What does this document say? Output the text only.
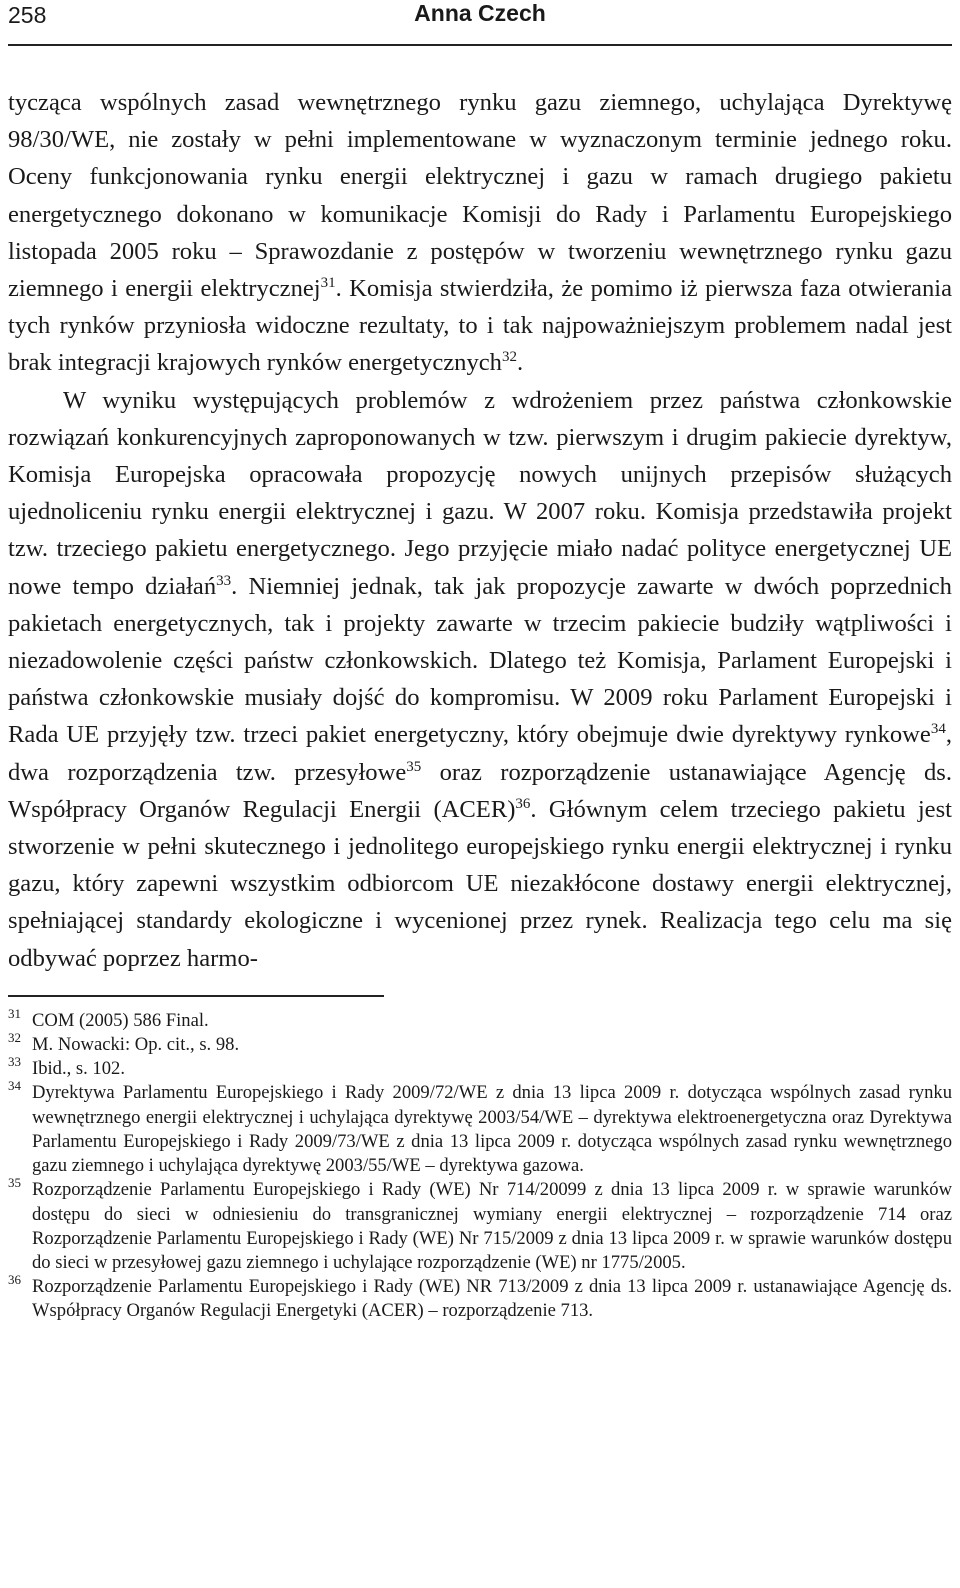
258	Anna Czech

tycząca wspólnych zasad wewnętrznego rynku gazu ziemnego, uchylająca Dyrektywę 98/30/WE, nie zostały w pełni implementowane w wyznaczonym terminie jednego roku. Oceny funkcjonowania rynku energii elektrycznej i gazu w ramach drugiego pakietu energetycznego dokonano w komunikacje Komisji do Rady i Parlamentu Europejskiego listopada 2005 roku – Sprawozdanie z postępów w tworzeniu wewnętrznego rynku gazu ziemnego i energii elektrycznej$^{31}$. Komisja stwierdziła, że pomimo iż pierwsza faza otwierania tych rynków przyniosła widoczne rezultaty, to i tak najpoważniejszym problemem nadal jest brak integracji krajowych rynków energetycznych$^{32}$.

W wyniku występujących problemów z wdrożeniem przez państwa członkowskie rozwiązań konkurencyjnych zaproponowanych w tzw. pierwszym i drugim pakiecie dyrektyw, Komisja Europejska opracowała propozycję nowych unijnych przepisów służących ujednoliceniu rynku energii elektrycznej i gazu. W 2007 roku. Komisja przedstawiła projekt tzw. trzeciego pakietu energetycznego. Jego przyjęcie miało nadać polityce energetycznej UE nowe tempo działań$^{33}$. Niemniej jednak, tak jak propozycje zawarte w dwóch poprzednich pakietach energetycznych, tak i projekty zawarte w trzecim pakiecie budziły wątpliwości i niezadowolenie części państw członkowskich. Dlatego też Komisja, Parlament Europejski i państwa członkowskie musiały dojść do kompromisu. W 2009 roku Parlament Europejski i Rada UE przyjęły tzw. trzeci pakiet energetyczny, który obejmuje dwie dyrektywy rynkowe$^{34}$, dwa rozporządzenia tzw. przesyłowe$^{35}$ oraz rozporządzenie ustanawiające Agencję ds. Współpracy Organów Regulacji Energii (ACER)$^{36}$. Głównym celem trzeciego pakietu jest stworzenie w pełni skutecznego i jednolitego europejskiego rynku energii elektrycznej i rynku gazu, który zapewni wszystkim odbiorcom UE niezakłócone dostawy energii elektrycznej, spełniającej standardy ekologiczne i wycenionej przez rynek. Realizacja tego celu ma się odbywać poprzez harmo-

31 COM (2005) 586 Final.
32 M. Nowacki: Op. cit., s. 98.
33 Ibid., s. 102.
34 Dyrektywa Parlamentu Europejskiego i Rady 2009/72/WE z dnia 13 lipca 2009 r. dotycząca wspólnych zasad rynku wewnętrznego energii elektrycznej i uchylająca dyrektywę 2003/54/WE – dyrektywa elektroenergetyczna oraz Dyrektywa Parlamentu Europejskiego i Rady 2009/73/WE z dnia 13 lipca 2009 r. dotycząca wspólnych zasad rynku wewnętrznego gazu ziemnego i uchylająca dyrektywę 2003/55/WE – dyrektywa gazowa.
35 Rozporządzenie Parlamentu Europejskiego i Rady (WE) Nr 714/20099 z dnia 13 lipca 2009 r. w sprawie warunków dostępu do sieci w odniesieniu do transgranicznej wymiany energii elektrycznej – rozporządzenie 714 oraz Rozporządzenie Parlamentu Europejskiego i Rady (WE) Nr 715/2009 z dnia 13 lipca 2009 r. w sprawie warunków dostępu do sieci w przesyłowej gazu ziemnego i uchylające rozporządzenie (WE) nr 1775/2005.
36 Rozporządzenie Parlamentu Europejskiego i Rady (WE) NR 713/2009 z dnia 13 lipca 2009 r. ustanawiające Agencję ds. Współpracy Organów Regulacji Energetyki (ACER) – rozporządzenie 713.
